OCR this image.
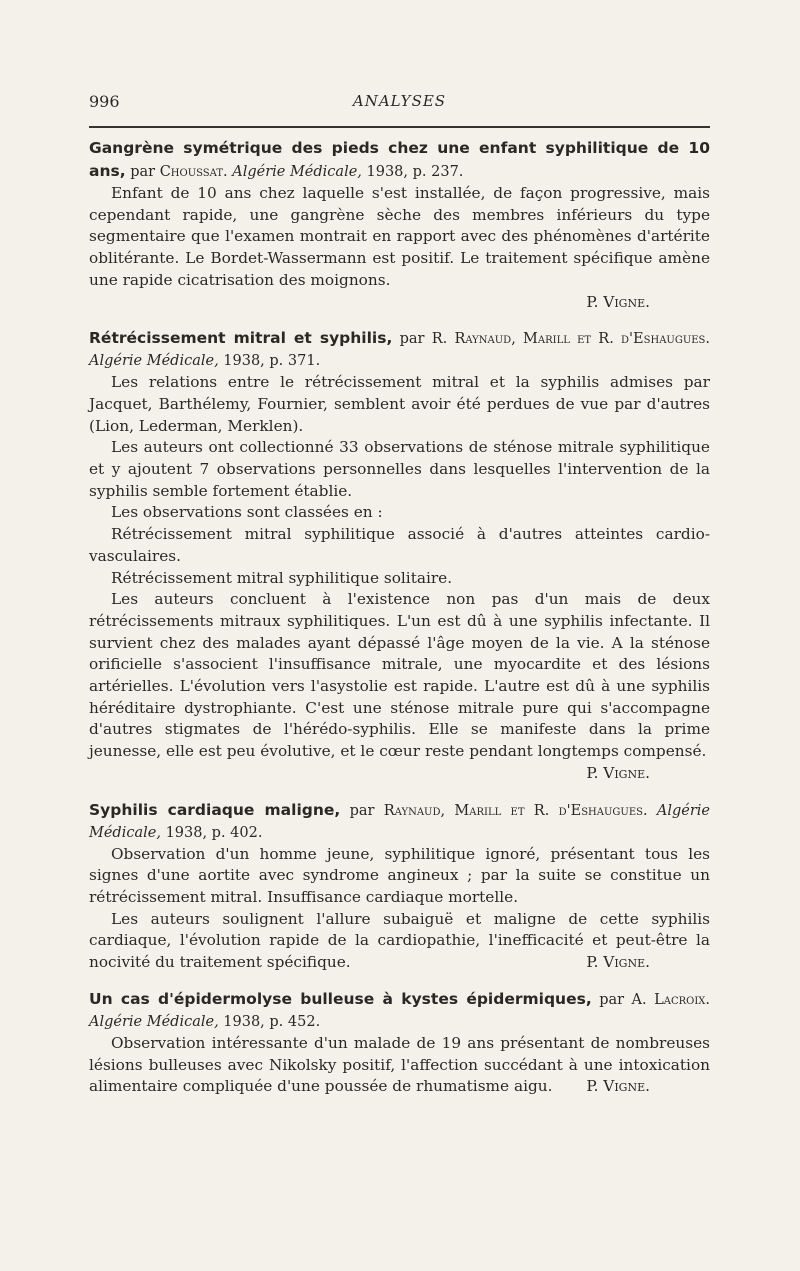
996	ANALYSES

Gangrène symétrique des pieds chez une enfant syphilitique de 10 ans, par Choussat. Algérie Médicale, 1938, p. 237.

Enfant de 10 ans chez laquelle s'est installée, de façon progressive, mais cependant rapide, une gangrène sèche des membres inférieurs du type segmentaire que l'examen montrait en rapport avec des phénomènes d'artérite oblitérante. Le Bordet-Wassermann est positif. Le traitement spécifique amène une rapide cicatrisation des moignons.

P. Vigne.

Rétrécissement mitral et syphilis, par R. Raynaud, Marill et R. d'Eshaugues. Algérie Médicale, 1938, p. 371.

Les relations entre le rétrécissement mitral et la syphilis admises par Jacquet, Barthélemy, Fournier, semblent avoir été perdues de vue par d'autres (Lion, Lederman, Merklen).

Les auteurs ont collectionné 33 observations de sténose mitrale syphilitique et y ajoutent 7 observations personnelles dans lesquelles l'intervention de la syphilis semble fortement établie.

Les observations sont classées en :

Rétrécissement mitral syphilitique associé à d'autres atteintes cardio-vasculaires.

Rétrécissement mitral syphilitique solitaire.

Les auteurs concluent à l'existence non pas d'un mais de deux rétrécissements mitraux syphilitiques. L'un est dû à une syphilis infectante. Il survient chez des malades ayant dépassé l'âge moyen de la vie. A la sténose orificielle s'associent l'insuffisance mitrale, une myocardite et des lésions artérielles. L'évolution vers l'asystolie est rapide. L'autre est dû à une syphilis héréditaire dystrophiante. C'est une sténose mitrale pure qui s'accompagne d'autres stigmates de l'hérédo-syphilis. Elle se manifeste dans la prime jeunesse, elle est peu évolutive, et le cœur reste pendant longtemps compensé.
P. Vigne.

Syphilis cardiaque maligne, par Raynaud, Marill et R. d'Eshaugues. Algérie Médicale, 1938, p. 402.

Observation d'un homme jeune, syphilitique ignoré, présentant tous les signes d'une aortite avec syndrome angineux ; par la suite se constitue un rétrécissement mitral. Insuffisance cardiaque mortelle.

Les auteurs soulignent l'allure subaiguë et maligne de cette syphilis cardiaque, l'évolution rapide de la cardiopathie, l'inefficacité et peut-être la nocivité du traitement spécifique.	P. Vigne.

Un cas d'épidermolyse bulleuse à kystes épidermiques, par A. Lacroix. Algérie Médicale, 1938, p. 452.

Observation intéressante d'un malade de 19 ans présentant de nombreuses lésions bulleuses avec Nikolsky positif, l'affection succédant à une intoxication alimentaire compliquée d'une poussée de rhumatisme aigu.	P. Vigne.
